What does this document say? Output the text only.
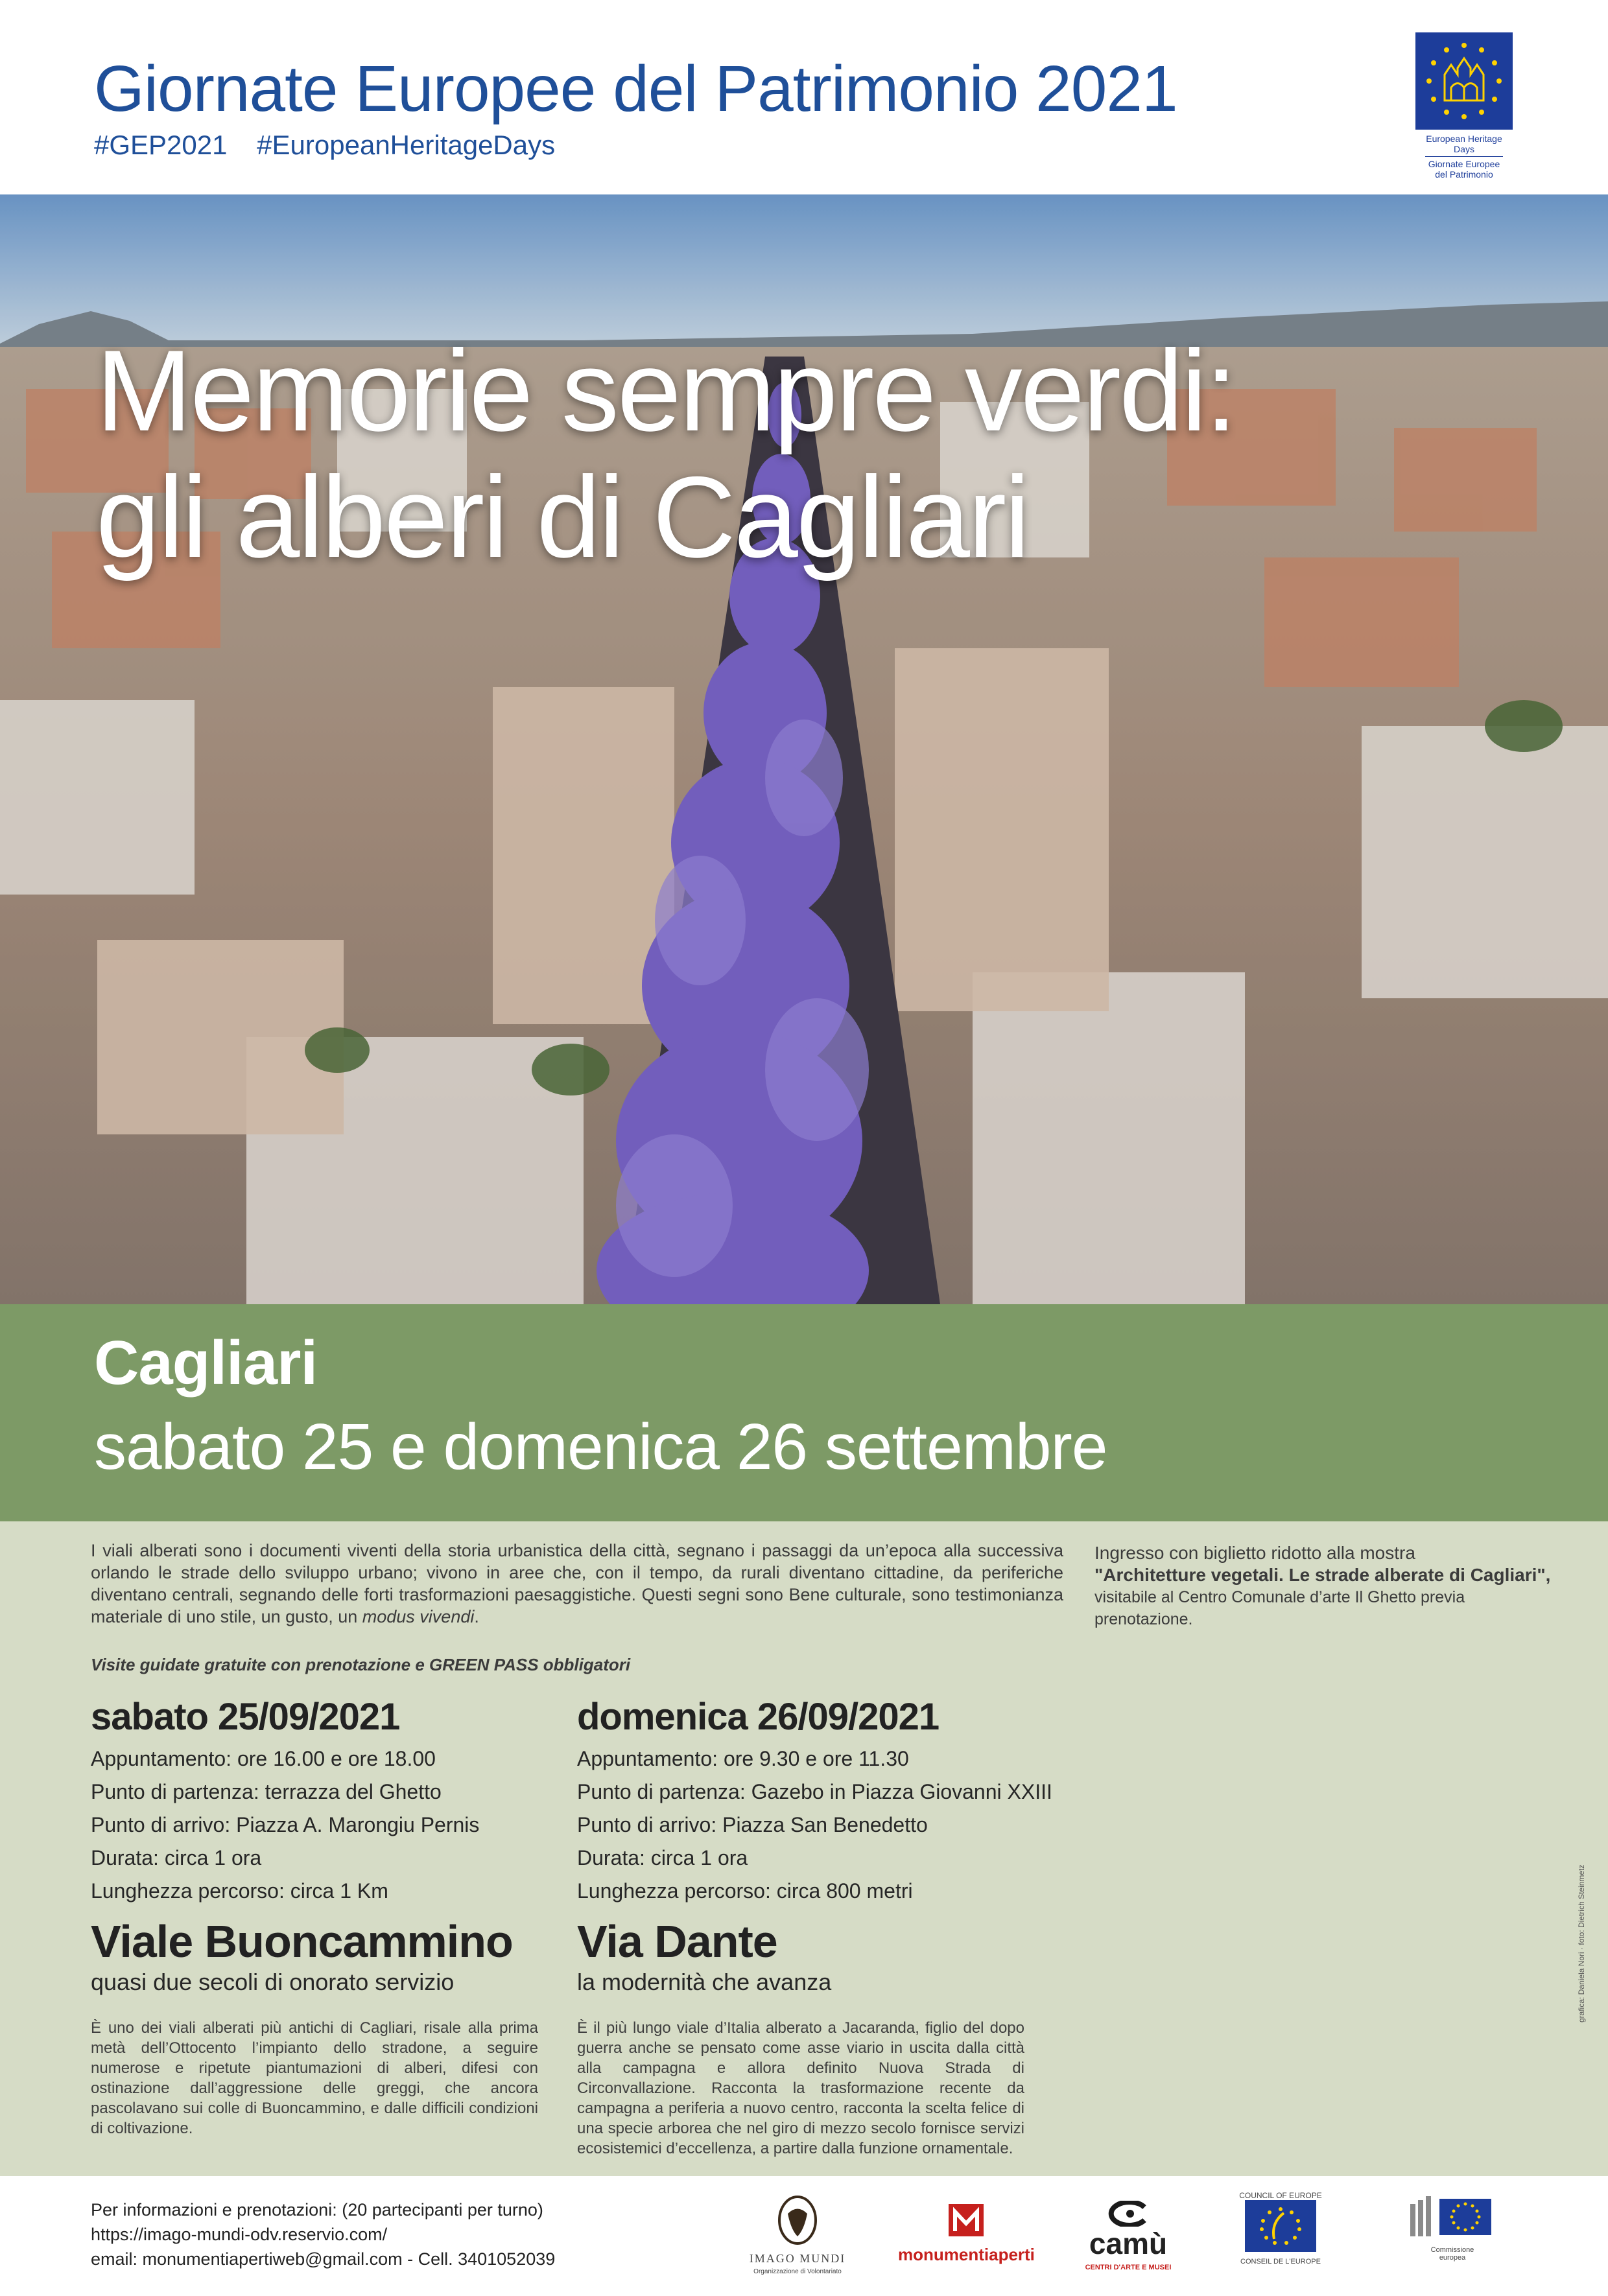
Giornate Europee del Patrimonio 2021
#GEP2021 #EuropeanHeritageDays	European Heritage Days
Giornate Europee
del Patrimonio
Memorie sempre verdi:
gli alberi di Cagliari
Cagliari
sabato 25 e domenica 26 settembre
I viali alberati sono i documenti viventi della storia urbanistica della città, segnano i passaggi da un’epoca alla successiva orlando le strade dello sviluppo urbano; vivono in aree che, con il tempo, da rurali diventano cittadine, da periferiche diventano centrali, segnando delle forti trasformazioni paesaggistiche. Questi segni sono Bene culturale, sono testimonianza materiale di uno stile, un gusto, un modus vivendi.
Visite guidate gratuite con prenotazione e GREEN PASS obbligatori
Ingresso con biglietto ridotto alla mostra
"Architetture vegetali. Le strade alberate di Cagliari",
visitabile al Centro Comunale d’arte Il Ghetto previa prenotazione.
sabato 25/09/2021
Appuntamento: ore 16.00 e ore 18.00
Punto di partenza: terrazza del Ghetto
Punto di arrivo: Piazza A. Marongiu Pernis
Durata: circa 1 ora
Lunghezza percorso: circa 1 Km
Viale Buoncammino
quasi due secoli di onorato servizio
È uno dei viali alberati più antichi di Cagliari, risale alla prima metà dell’Ottocento l’impianto dello stradone, a seguire numerose e ripetute piantumazioni di alberi, difesi con ostinazione dall’aggressione delle greggi, che ancora pascolavano sui colle di Buoncammino, e dalle difficili condizioni di coltivazione.
domenica 26/09/2021
Appuntamento: ore 9.30 e ore 11.30
Punto di partenza: Gazebo in Piazza Giovanni XXIII
Punto di arrivo: Piazza San Benedetto
Durata: circa 1 ora
Lunghezza percorso: circa 800 metri
Via Dante
la modernità che avanza
È il più lungo viale d’Italia alberato a Jacaranda, figlio del dopo guerra anche se pensato come asse viario in uscita dalla città alla campagna e allora definito Nuova Strada di Circonvallazione. Racconta la trasformazione recente da campagna a periferia a nuovo centro, racconta la scelta felice di una specie arborea che nel giro di mezzo secolo fornisce servizi ecosistemici d’eccellenza, a partire dalla funzione ornamentale.
grafica: Daniela Nori · foto: Dietrich Steinmetz
Per informazioni e prenotazioni: (20 partecipanti per turno)
https://imago-mundi-odv.reservio.com/
email: monumentiapertiweb@gmail.com - Cell. 3401052039	IMAGO MUNDI
Organizzazione di Volontariato
monumentiaperti	camù
CENTRI D'ARTE E MUSEI
COUNCIL OF EUROPE
CONSEIL DE L'EUROPE
Commissione
europea
